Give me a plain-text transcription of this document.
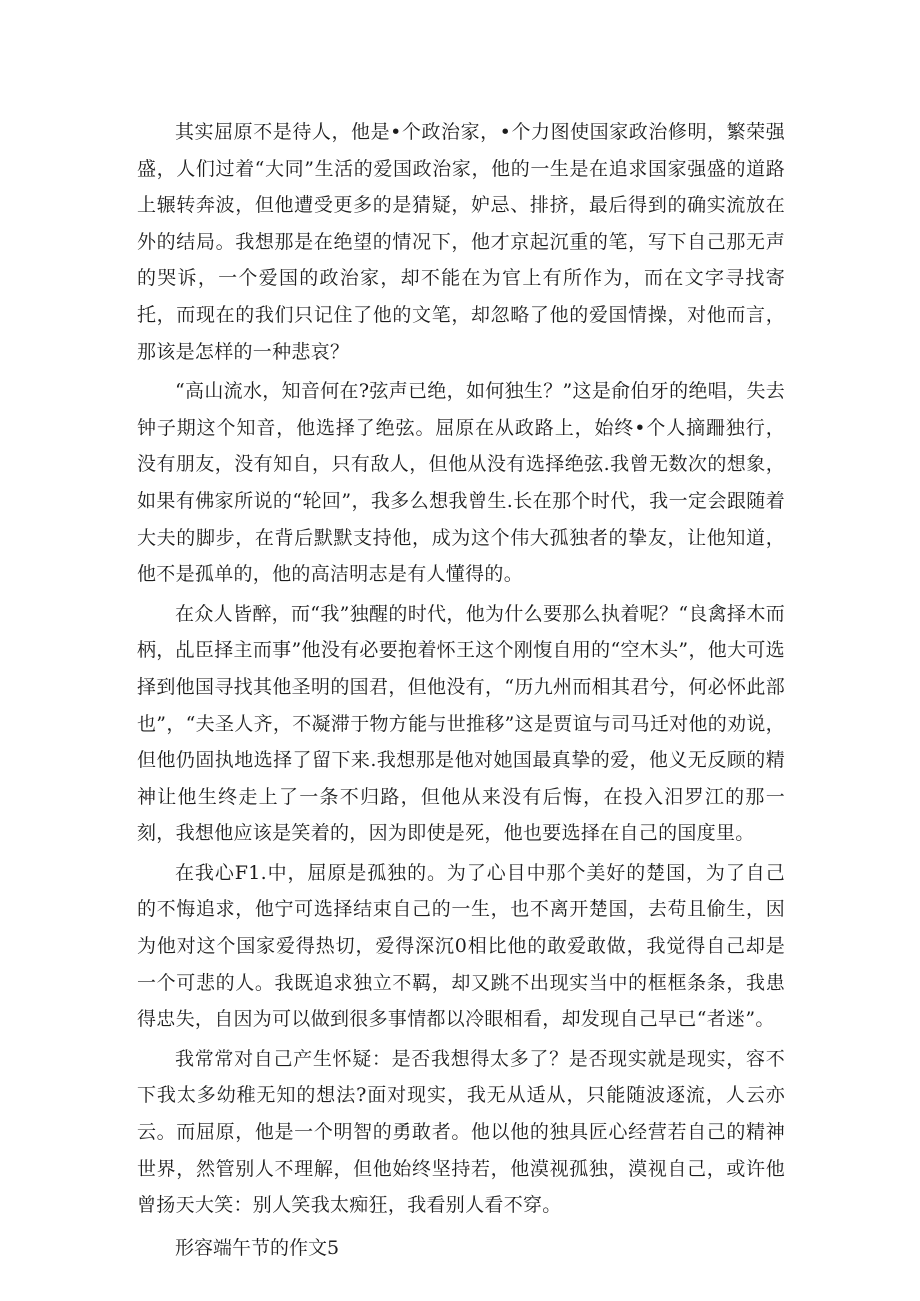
其实屈原不是待人，他是•个政治家，•个力图使国家政治修明，繁荣强盛，人们过着“大同”生活的爱国政治家，他的一生是在追求国家强盛的道路上辗转奔波，但他遭受更多的是猜疑，妒忌、排挤，最后得到的确实流放在外的结局。我想那是在绝望的情况下，他才京起沉重的笔，写下自己那无声的哭诉，一个爱国的政治家，却不能在为官上有所作为，而在文字寻找寄托，而现在的我们只记住了他的文笔，却忽略了他的爱国情操，对他而言，那该是怎样的一种悲哀？

“高山流水，知音何在?弦声已绝，如何独生？”这是俞伯牙的绝唱，失去钟子期这个知音，他选择了绝弦。屈原在从政路上，始终•个人摘跚独行，没有朋友，没有知自，只有敌人，但他从没有选择绝弦.我曾无数次的想象，如果有佛家所说的“轮回”，我多么想我曾生.长在那个时代，我一定会跟随着大夫的脚步，在背后默默支持他，成为这个伟大孤独者的挚友，让他知道，他不是孤单的，他的高洁明志是有人懂得的。

在众人皆醉，而“我”独醒的时代，他为什么要那么执着呢？“良禽择木而柄，乩臣择主而事”他没有必要抱着怀王这个刚愎自用的“空木头”，他大可选择到他国寻找其他圣明的国君，但他没有，“历九州而相其君兮，何必怀此部也”，“夫圣人齐，不凝滞于物方能与世推移”这是贾谊与司马迁对他的劝说，但他仍固执地选择了留下来.我想那是他对她国最真挚的爱，他义无反顾的精神让他生终走上了一条不归路，但他从来没有后悔，在投入汨罗江的那一刻，我想他应该是笑着的，因为即使是死，他也要选择在自己的国度里。

在我心F1.中，屈原是孤独的。为了心目中那个美好的楚国，为了自己的不悔追求，他宁可选择结束自己的一生，也不离开楚国，去苟且偷生，因为他对这个国家爱得热切，爱得深沉0相比他的敢爱敢做，我觉得自己却是一个可悲的人。我既追求独立不羁，却又跳不出现实当中的框框条条，我患得忠失，自因为可以做到很多事情都以冷眼相看，却发现自己早已“者迷”。

我常常对自己产生怀疑：是否我想得太多了？是否现实就是现实，容不下我太多幼稚无知的想法?面对现实，我无从适从，只能随波逐流，人云亦云。而屈原，他是一个明智的勇敢者。他以他的独具匠心经营若自己的精神世界，然管别人不理解，但他始终坚持若，他漠视孤独，漠视自己，或许他曾扬天大笑：别人笑我太痴狂，我看别人看不穿。

形容端午节的作文5
